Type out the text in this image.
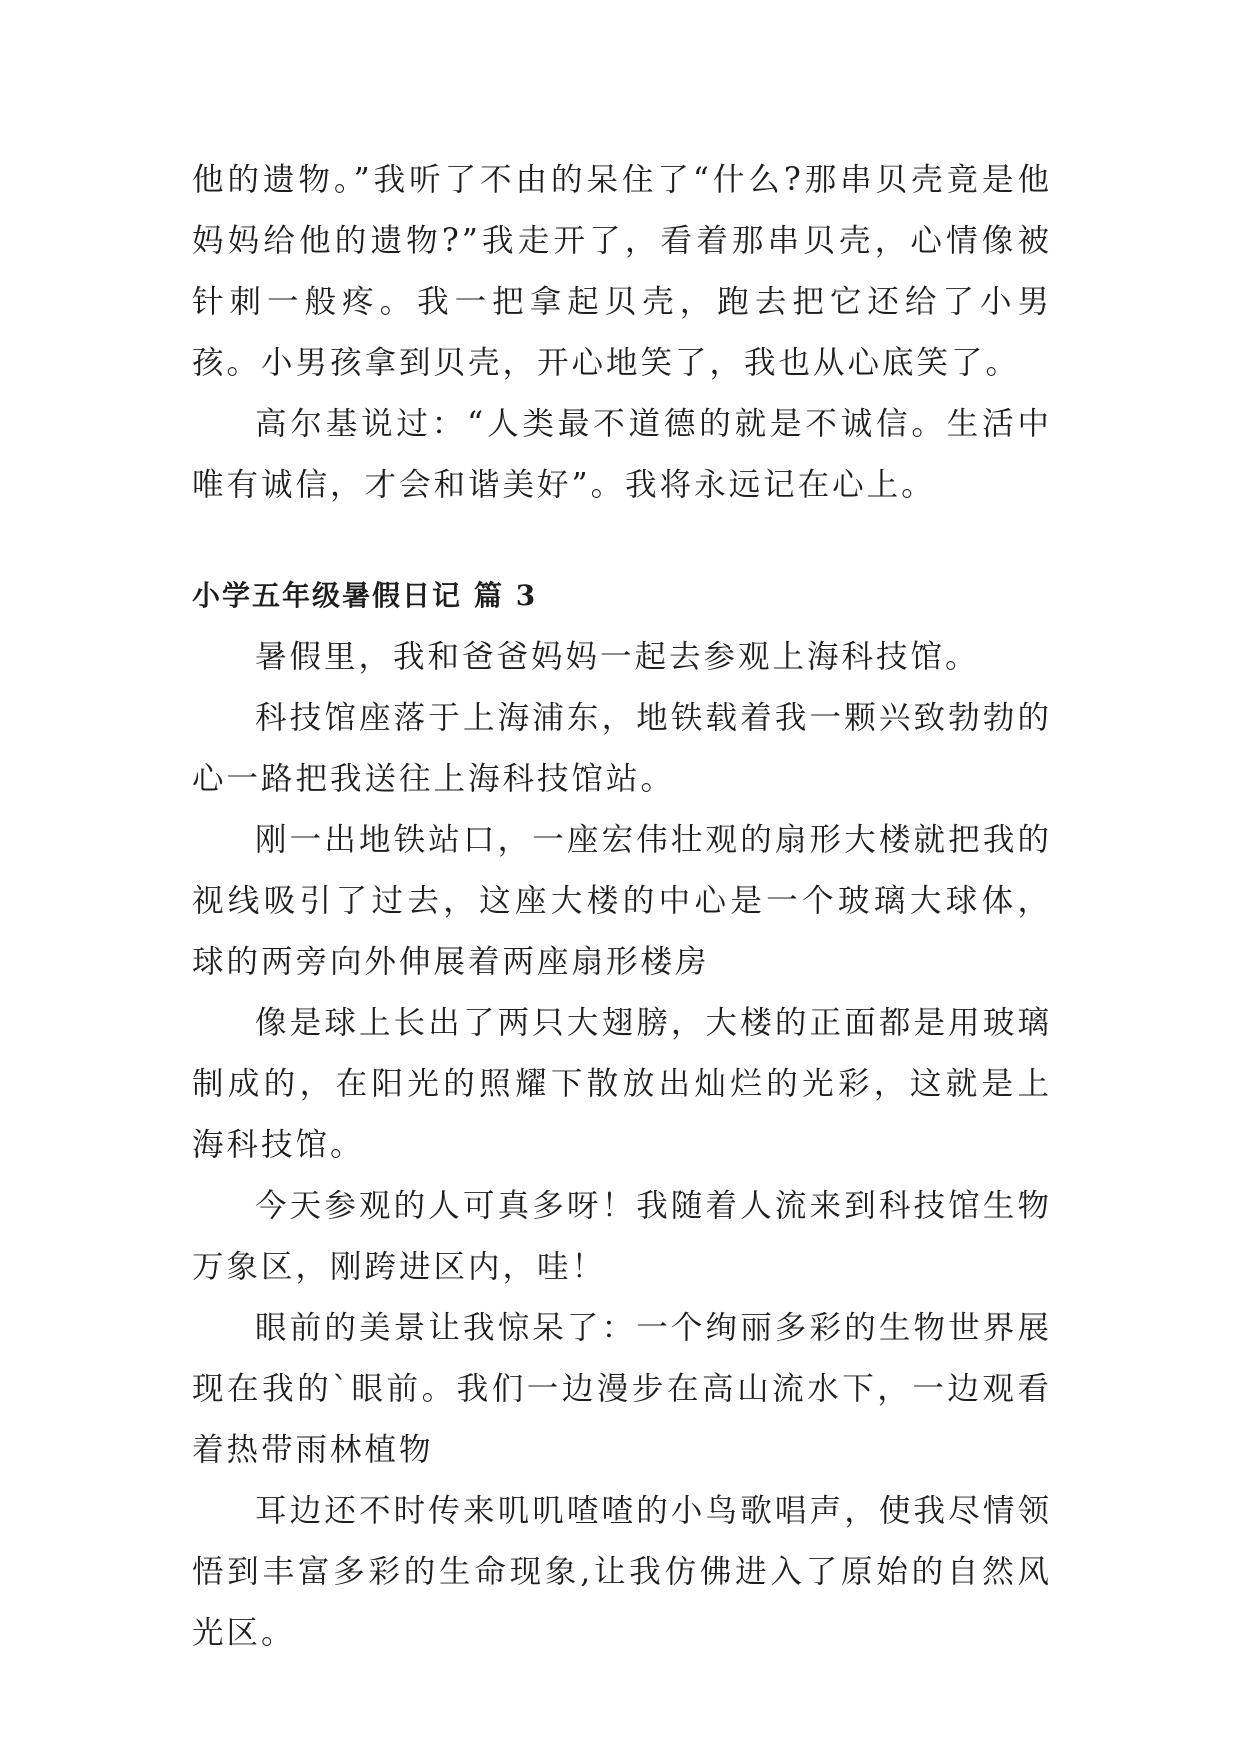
他的遗物。”我听了不由的呆住了“什么?那串贝壳竟是他妈妈给他的遗物?”我走开了，看着那串贝壳，心情像被针刺一般疼。我一把拿起贝壳，跑去把它还给了小男孩。小男孩拿到贝壳，开心地笑了，我也从心底笑了。

高尔基说过：“人类最不道德的就是不诚信。生活中唯有诚信，才会和谐美好”。我将永远记在心上。

小学五年级暑假日记 篇 3

暑假里，我和爸爸妈妈一起去参观上海科技馆。

科技馆座落于上海浦东，地铁载着我一颗兴致勃勃的心一路把我送往上海科技馆站。

刚一出地铁站口，一座宏伟壮观的扇形大楼就把我的视线吸引了过去，这座大楼的中心是一个玻璃大球体，球的两旁向外伸展着两座扇形楼房

像是球上长出了两只大翅膀，大楼的正面都是用玻璃制成的，在阳光的照耀下散放出灿烂的光彩，这就是上海科技馆。

今天参观的人可真多呀！我随着人流来到科技馆生物万象区，刚跨进区内，哇！

眼前的美景让我惊呆了：一个绚丽多彩的生物世界展现在我的`眼前。我们一边漫步在高山流水下，一边观看着热带雨林植物

耳边还不时传来叽叽喳喳的小鸟歌唱声，使我尽情领悟到丰富多彩的生命现象,让我仿佛进入了原始的自然风光区。
